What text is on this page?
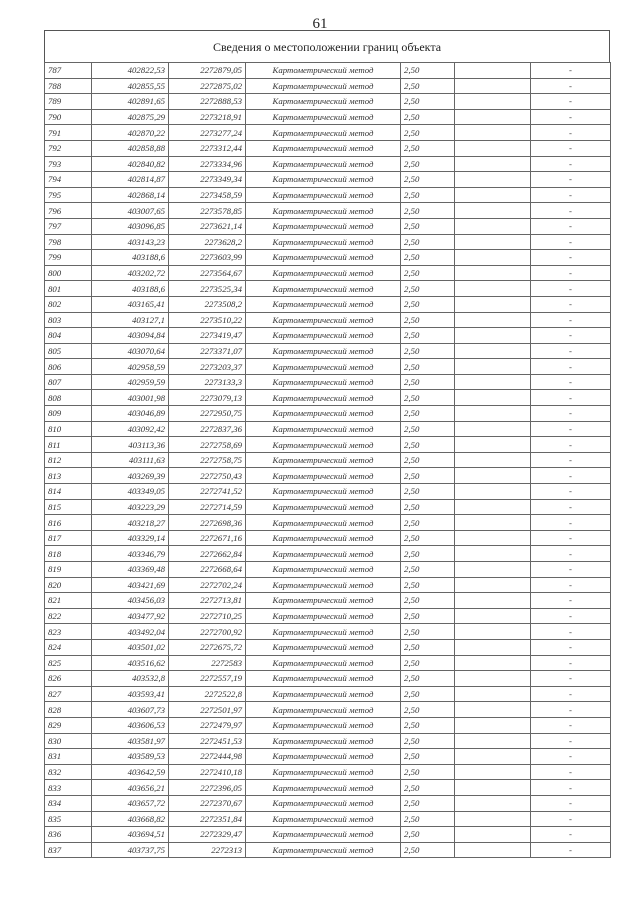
61
Сведения о местоположении границ объекта
787	402822,53	2272879,05	Картометрический метод	2,50		-
788	402855,55	2272875,02	Картометрический метод	2,50		-
789	402891,65	2272888,53	Картометрический метод	2,50		-
790	402875,29	2273218,91	Картометрический метод	2,50		-
791	402870,22	2273277,24	Картометрический метод	2,50		-
792	402858,88	2273312,44	Картометрический метод	2,50		-
793	402840,82	2273334,96	Картометрический метод	2,50		-
794	402814,87	2273349,34	Картометрический метод	2,50		-
795	402868,14	2273458,59	Картометрический метод	2,50		-
796	403007,65	2273578,85	Картометрический метод	2,50		-
797	403096,85	2273621,14	Картометрический метод	2,50		-
798	403143,23	2273628,2	Картометрический метод	2,50		-
799	403188,6	2273603,99	Картометрический метод	2,50		-
800	403202,72	2273564,67	Картометрический метод	2,50		-
801	403188,6	2273525,34	Картометрический метод	2,50		-
802	403165,41	2273508,2	Картометрический метод	2,50		-
803	403127,1	2273510,22	Картометрический метод	2,50		-
804	403094,84	2273419,47	Картометрический метод	2,50		-
805	403070,64	2273371,07	Картометрический метод	2,50		-
806	402958,59	2273203,37	Картометрический метод	2,50		-
807	402959,59	2273133,3	Картометрический метод	2,50		-
808	403001,98	2273079,13	Картометрический метод	2,50		-
809	403046,89	2272950,75	Картометрический метод	2,50		-
810	403092,42	2272837,36	Картометрический метод	2,50		-
811	403113,36	2272758,69	Картометрический метод	2,50		-
812	403111,63	2272758,75	Картометрический метод	2,50		-
813	403269,39	2272750,43	Картометрический метод	2,50		-
814	403349,05	2272741,52	Картометрический метод	2,50		-
815	403223,29	2272714,59	Картометрический метод	2,50		-
816	403218,27	2272698,36	Картометрический метод	2,50		-
817	403329,14	2272671,16	Картометрический метод	2,50		-
818	403346,79	2272662,84	Картометрический метод	2,50		-
819	403369,48	2272668,64	Картометрический метод	2,50		-
820	403421,69	2272702,24	Картометрический метод	2,50		-
821	403456,03	2272713,81	Картометрический метод	2,50		-
822	403477,92	2272710,25	Картометрический метод	2,50		-
823	403492,04	2272700,92	Картометрический метод	2,50		-
824	403501,02	2272675,72	Картометрический метод	2,50		-
825	403516,62	2272583	Картометрический метод	2,50		-
826	403532,8	2272557,19	Картометрический метод	2,50		-
827	403593,41	2272522,8	Картометрический метод	2,50		-
828	403607,73	2272501,97	Картометрический метод	2,50		-
829	403606,53	2272479,97	Картометрический метод	2,50		-
830	403581,97	2272451,53	Картометрический метод	2,50		-
831	403589,53	2272444,98	Картометрический метод	2,50		-
832	403642,59	2272410,18	Картометрический метод	2,50		-
833	403656,21	2272396,05	Картометрический метод	2,50		-
834	403657,72	2272370,67	Картометрический метод	2,50		-
835	403668,82	2272351,84	Картометрический метод	2,50		-
836	403694,51	2272329,47	Картометрический метод	2,50		-
837	403737,75	2272313	Картометрический метод	2,50		-
